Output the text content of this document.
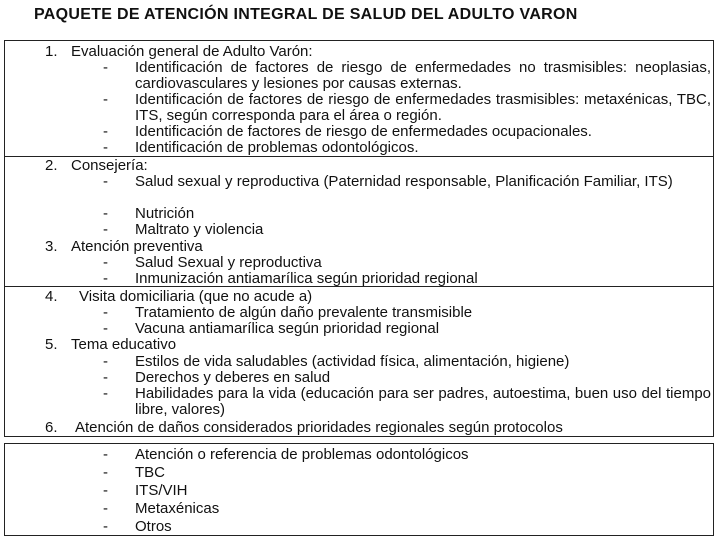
PAQUETE DE ATENCIÓN INTEGRAL DE SALUD DEL ADULTO VARON
1. Evaluación general de Adulto Varón:
- Identificación de factores de riesgo de enfermedades no trasmisibles: neoplasias, cardiovasculares y lesiones por causas externas.
- Identificación de factores de riesgo de enfermedades trasmisibles: metaxénicas, TBC, ITS, según corresponda para el área o región.
- Identificación de factores de riesgo de enfermedades ocupacionales.
- Identificación de problemas odontológicos.
2. Consejería:
- Salud sexual y reproductiva (Paternidad responsable, Planificación Familiar, ITS)
- Nutrición
- Maltrato y violencia
3. Atención preventiva
- Salud Sexual y reproductiva
- Inmunización antiamarílica según prioridad regional
4. Visita domiciliaria (que no acude a)
- Tratamiento de algún daño prevalente transmisible
- Vacuna antiamarílica según prioridad regional
5. Tema educativo
- Estilos de vida saludables (actividad física, alimentación, higiene)
- Derechos y deberes en salud
- Habilidades para la vida (educación para ser padres, autoestima, buen uso del tiempo libre, valores)
6. Atención de daños considerados prioridades regionales según protocolos
- Atención o referencia de problemas odontológicos
- TBC
- ITS/VIH
- Metaxénicas
- Otros
